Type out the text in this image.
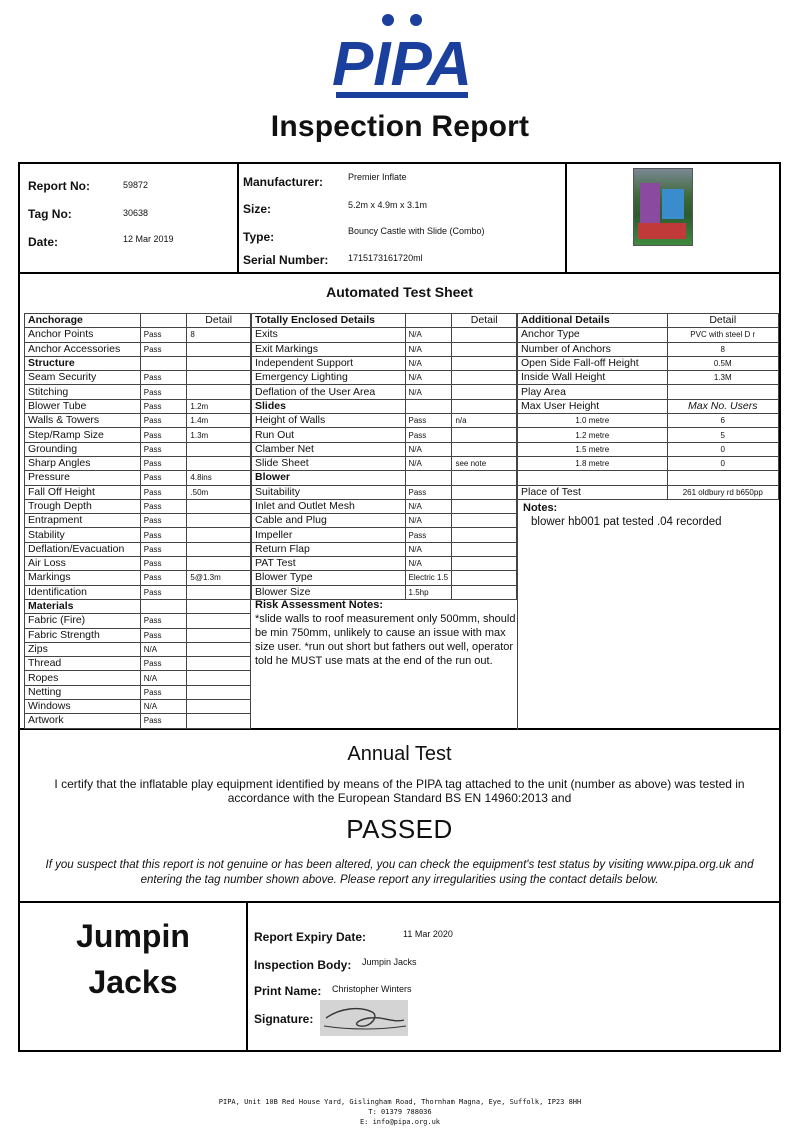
PIPA
Inspection Report
Report No:	59872
Tag No:	30638
Date:	12 Mar 2019
Manufacturer:	Premier Inflate
Size:	5.2m x 4.9m x 3.1m
Type:	Bouncy Castle with Slide (Combo)
Serial Number: 1715173161720ml
Automated Test Sheet
Anchorage		Detail
Anchor Points	Pass	8
Anchor Accessories	Pass	
Structure		
Seam Security	Pass	
Stitching	Pass	
Blower Tube	Pass	1.2m
Walls & Towers	Pass	1.4m
Step/Ramp Size	Pass	1.3m
Grounding	Pass	
Sharp Angles	Pass	
Pressure	Pass	4.8ins
Fall Off Height	Pass	.50m
Trough Depth	Pass	
Entrapment	Pass	
Stability	Pass	
Deflation/Evacuation	Pass	
Air Loss	Pass	
Markings	Pass	5@1.3m
Identification	Pass	
Materials		
Fabric (Fire)	Pass	
Fabric Strength	Pass	
Zips	N/A	
Thread	Pass	
Ropes	N/A	
Netting	Pass	
Windows	N/A	
Artwork	Pass	
Totally Enclosed Details		Detail
Exits	N/A	
Exit Markings	N/A	
Independent Support	N/A	
Emergency Lighting	N/A	
Deflation of the User Area	N/A	
Slides		
Height of Walls	Pass	n/a
Run Out	Pass	
Clamber Net	N/A	
Slide Sheet	N/A	see note
Blower		
Suitability	Pass	
Inlet and Outlet Mesh	N/A	
Cable and Plug	N/A	
Impeller	Pass	
Return Flap	N/A	
PAT Test	N/A	
Blower Type	Electric 1.5	
Blower Size	1.5hp	
Additional Details	Detail
Anchor Type	PVC with steel D r
Number of Anchors	8
Open Side Fall-off Height	0.5M
Inside Wall Height	1.3M
Play Area	
Max User Height	Max No. Users
1.0 metre	6
1.2 metre	5
1.5 metre	0
1.8 metre	0

Place of Test	261 oldbury rd b650pp
Risk Assessment Notes:
*slide walls to roof measurement only 500mm, should be min 750mm, unlikely to cause an issue with max size user. *run out short but fathers out well, operator told he MUST use mats at the end of the run out.
Notes:
blower hb001 pat tested .04 recorded
Annual Test
I certify that the inflatable play equipment identified by means of the PIPA tag attached to the unit (number as above) was tested in accordance with the European Standard BS EN 14960:2013 and
PASSED
If you suspect that this report is not genuine or has been altered, you can check the equipment's test status by visiting www.pipa.org.uk and entering the tag number shown above. Please report any irregularities using the contact details below.
Jumpin
Jacks
Report Expiry Date:	11 Mar 2020
Inspection Body: Jumpin Jacks
Print Name: Christopher Winters
Signature:
PIPA, Unit 10B Red House Yard, Gislingham Road, Thornham Magna, Eye, Suffolk, IP23 8HH
T: 01379 788036
E: info@pipa.org.uk
